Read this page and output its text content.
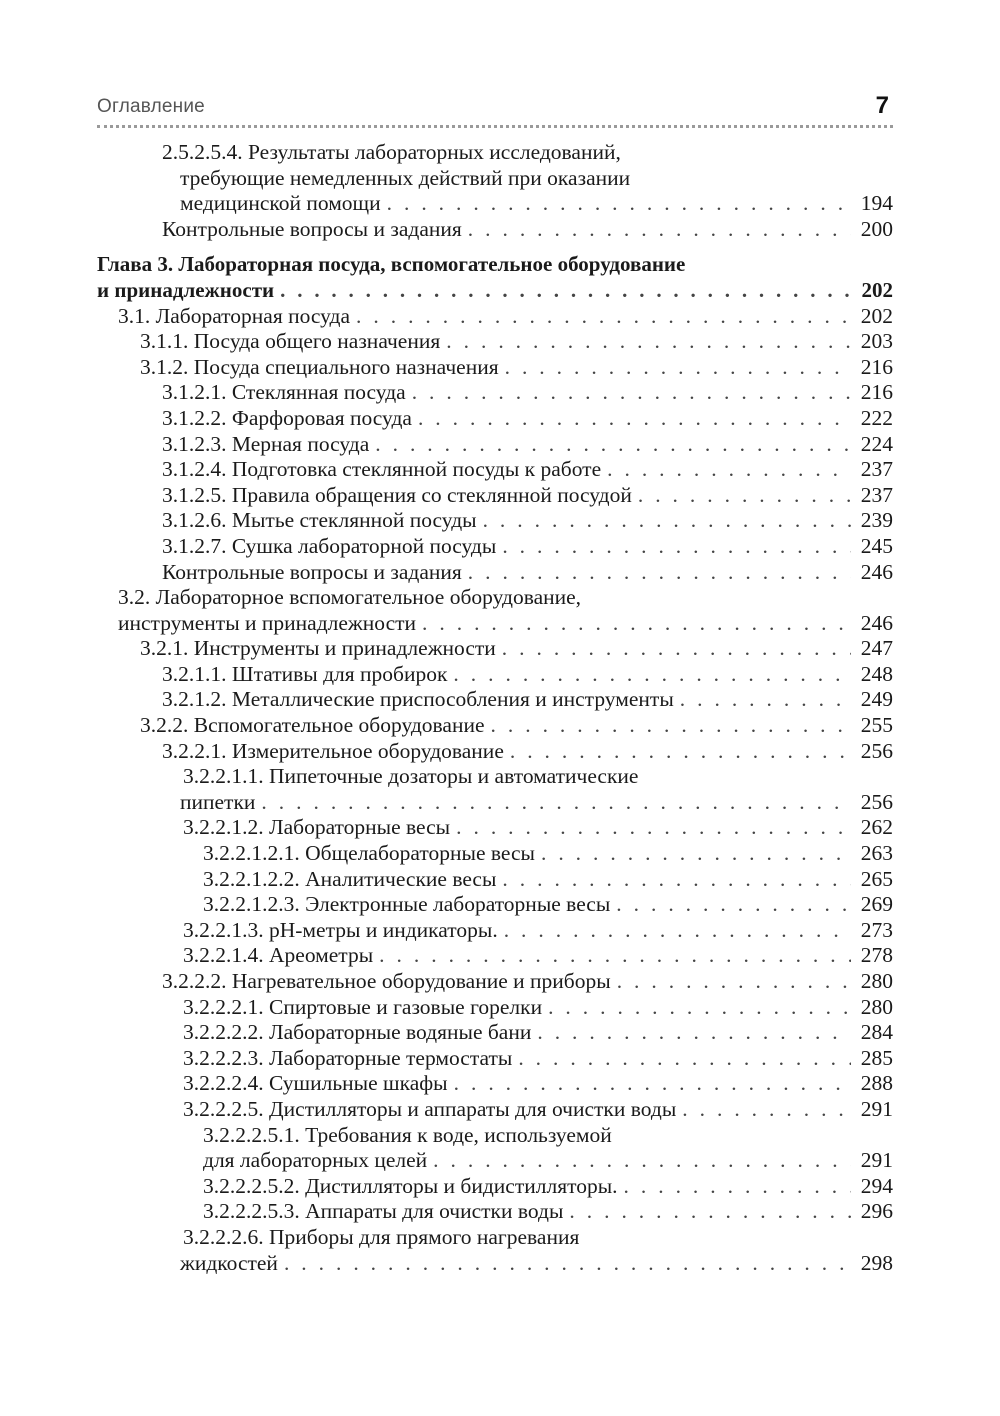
Оглавление	7
2.5.2.5.4. Результаты лабораторных исследований,
требующие немедленных действий при оказании
медицинской помощи . . .	194
Контрольные вопросы и задания . . .	200
Глава 3. Лабораторная посуда, вспомогательное оборудование
и принадлежности . . .	202
3.1. Лабораторная посуда . . .	202
3.1.1. Посуда общего назначения . . .	203
3.1.2. Посуда специального назначения . . .	216
3.1.2.1. Стеклянная посуда . . .	216
3.1.2.2. Фарфоровая посуда . . .	222
3.1.2.3. Мерная посуда . . .	224
3.1.2.4. Подготовка стеклянной посуды к работе . . .	237
3.1.2.5. Правила обращения со стеклянной посудой . . .	237
3.1.2.6. Мытье стеклянной посуды . . .	239
3.1.2.7. Сушка лабораторной посуды . . .	245
Контрольные вопросы и задания . . .	246
3.2. Лабораторное вспомогательное оборудование,
инструменты и принадлежности . . .	246
3.2.1. Инструменты и принадлежности . . .	247
3.2.1.1. Штативы для пробирок . . .	248
3.2.1.2. Металлические приспособления и инструменты . . .	249
3.2.2. Вспомогательное оборудование . . .	255
3.2.2.1. Измерительное оборудование . . .	256
3.2.2.1.1. Пипеточные дозаторы и автоматические
пипетки . . .	256
3.2.2.1.2. Лабораторные весы . . .	262
3.2.2.1.2.1. Общелабораторные весы . . .	263
3.2.2.1.2.2. Аналитические весы . . .	265
3.2.2.1.2.3. Электронные лабораторные весы . . .	269
3.2.2.1.3. pH-метры и индикаторы. . . .	273
3.2.2.1.4. Ареометры . . .	278
3.2.2.2. Нагревательное оборудование и приборы . . .	280
3.2.2.2.1. Спиртовые и газовые горелки . . .	280
3.2.2.2.2. Лабораторные водяные бани . . .	284
3.2.2.2.3. Лабораторные термостаты . . .	285
3.2.2.2.4. Сушильные шкафы . . .	288
3.2.2.2.5. Дистилляторы и аппараты для очистки воды . . .	291
3.2.2.2.5.1. Требования к воде, используемой
для лабораторных целей . . .	291
3.2.2.2.5.2. Дистилляторы и бидистилляторы. . . .	294
3.2.2.2.5.3. Аппараты для очистки воды . . .	296
3.2.2.2.6. Приборы для прямого нагревания
жидкостей . . .	298
